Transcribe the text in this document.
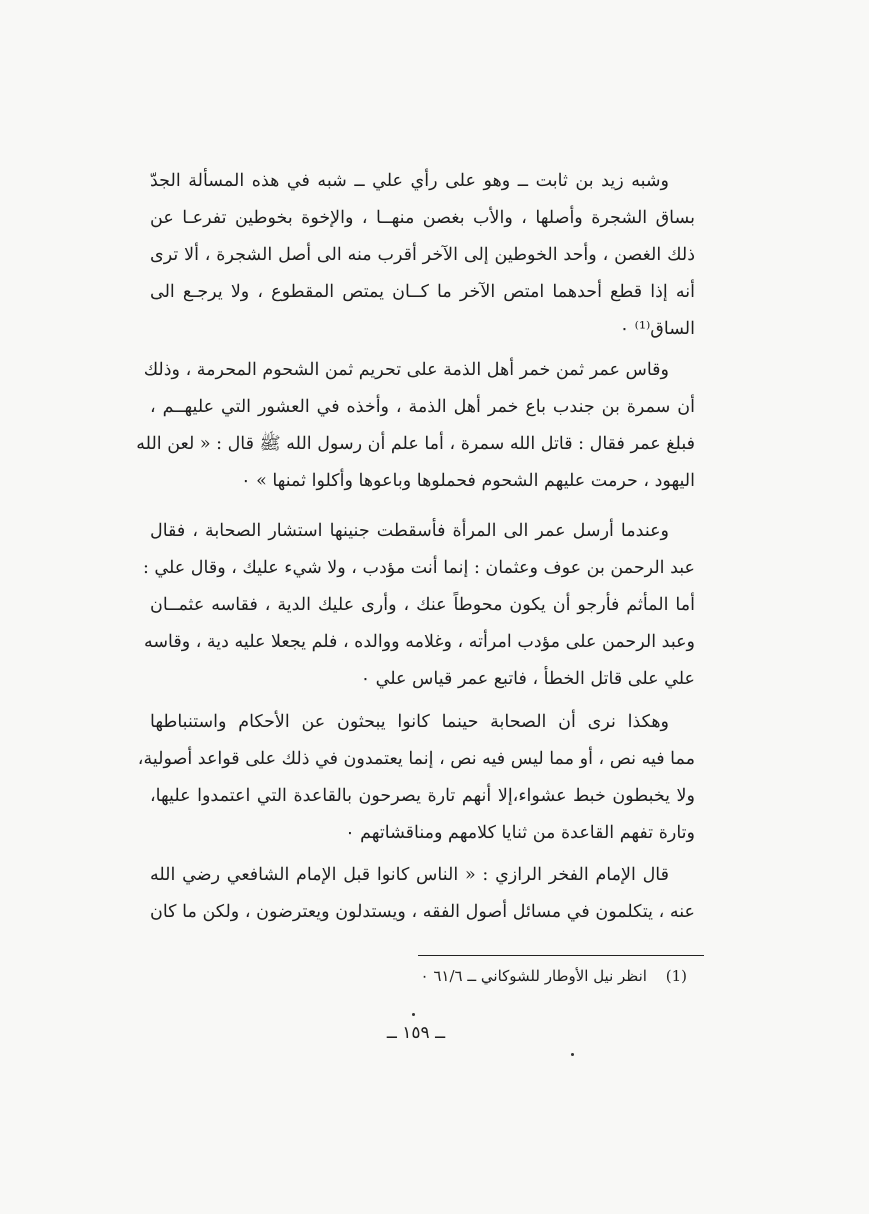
وشبه زيد بن ثابت ــ وهو على رأي علي ــ شبه في هذه المسألة الجدّ
بساق الشجرة وأصلها ، والأب بغصن منهــا ، والإخوة بخوطين تفرعـا عن
ذلك الغصن ، وأحد الخوطين إلى الآخر أقرب منه الى أصل الشجرة ، ألا ترى
أنه إذا قطع أحدهما امتص الآخر ما كــان يمتص المقطوع ، ولا يرجـع الى
الساق⁽¹⁾ ٠

وقاس عمر ثمن خمر أهل الذمة على تحريم ثمن الشحوم المحرمة ، وذلك
أن سمرة بن جندب باع خمر أهل الذمة ، وأخذه في العشور التي عليهــم ،
فبلغ عمر فقال : قاتل الله سمرة ، أما علم أن رسول الله ﷺ قال : « لعن الله
اليهود ، حرمت عليهم الشحوم فحملوها وباعوها وأكلوا ثمنها » ٠

وعندما أرسل عمر الى المرأة فأسقطت جنينها استشار الصحابة ، فقال
عبد الرحمن بن عوف وعثمان : إنما أنت مؤدب ، ولا شيء عليك ، وقال علي :
أما المأثم فأرجو أن يكون محوطاً عنك ، وأرى عليك الدية ، فقاسه عثمــان
وعبد الرحمن على مؤدب امرأته ، وغلامه ووالده ، فلم يجعلا عليه دية ، وقاسه
علي على قاتل الخطأ ، فاتبع عمر قياس علي ٠

وهكذا نرى أن الصحابة حينما كانوا يبحثون عن الأحكام واستنباطها
مما فيه نص ، أو مما ليس فيه نص ، إنما يعتمدون في ذلك على قواعد أصولية،
ولا يخبطون خبط عشواء،إلا أنهم تارة يصرحون بالقاعدة التي اعتمدوا عليها،
وتارة تفهم القاعدة من ثنايا كلامهم ومناقشاتهم ٠

قال الإمام الفخر الرازي : « الناس كانوا قبل الإمام الشافعي رضي الله
عنه ، يتكلمون في مسائل أصول الفقه ، ويستدلون ويعترضون ، ولكن ما كان

(1) انظر نيل الأوطار للشوكاني ــ ٦١/٦ ٠
ــ ١٥٩ ــ
